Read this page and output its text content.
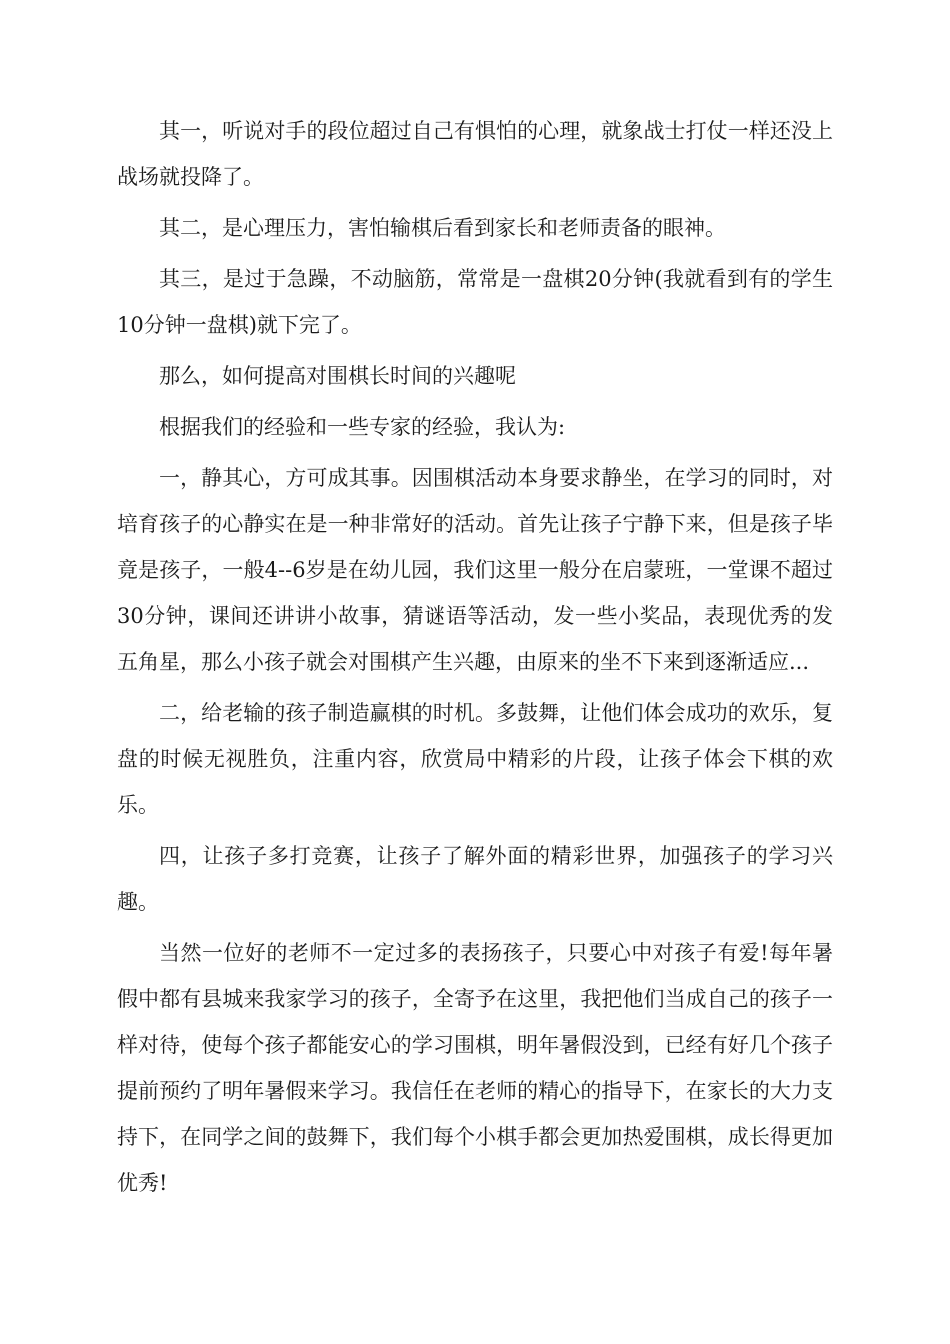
其一，听说对手的段位超过自己有惧怕的心理，就象战士打仗一样还没上战场就投降了。

其二，是心理压力，害怕输棋后看到家长和老师责备的眼神。

其三，是过于急躁，不动脑筋，常常是一盘棋20分钟(我就看到有的学生10分钟一盘棋)就下完了。

那么，如何提高对围棋长时间的兴趣呢

根据我们的经验和一些专家的经验，我认为:

一，静其心，方可成其事。因围棋活动本身要求静坐，在学习的同时，对培育孩子的心静实在是一种非常好的活动。首先让孩子宁静下来，但是孩子毕竟是孩子，一般4--6岁是在幼儿园，我们这里一般分在启蒙班，一堂课不超过30分钟，课间还讲讲小故事，猜谜语等活动，发一些小奖品，表现优秀的发五角星，那么小孩子就会对围棋产生兴趣，由原来的坐不下来到逐渐适应...

二，给老输的孩子制造赢棋的时机。多鼓舞，让他们体会成功的欢乐，复盘的时候无视胜负，注重内容，欣赏局中精彩的片段，让孩子体会下棋的欢乐。

四，让孩子多打竞赛，让孩子了解外面的精彩世界，加强孩子的学习兴趣。

当然一位好的老师不一定过多的表扬孩子，只要心中对孩子有爱!每年暑假中都有县城来我家学习的孩子，全寄予在这里，我把他们当成自己的孩子一样对待，使每个孩子都能安心的学习围棋，明年暑假没到，已经有好几个孩子提前预约了明年暑假来学习。我信任在老师的精心的指导下，在家长的大力支持下，在同学之间的鼓舞下，我们每个小棋手都会更加热爱围棋，成长得更加优秀!
